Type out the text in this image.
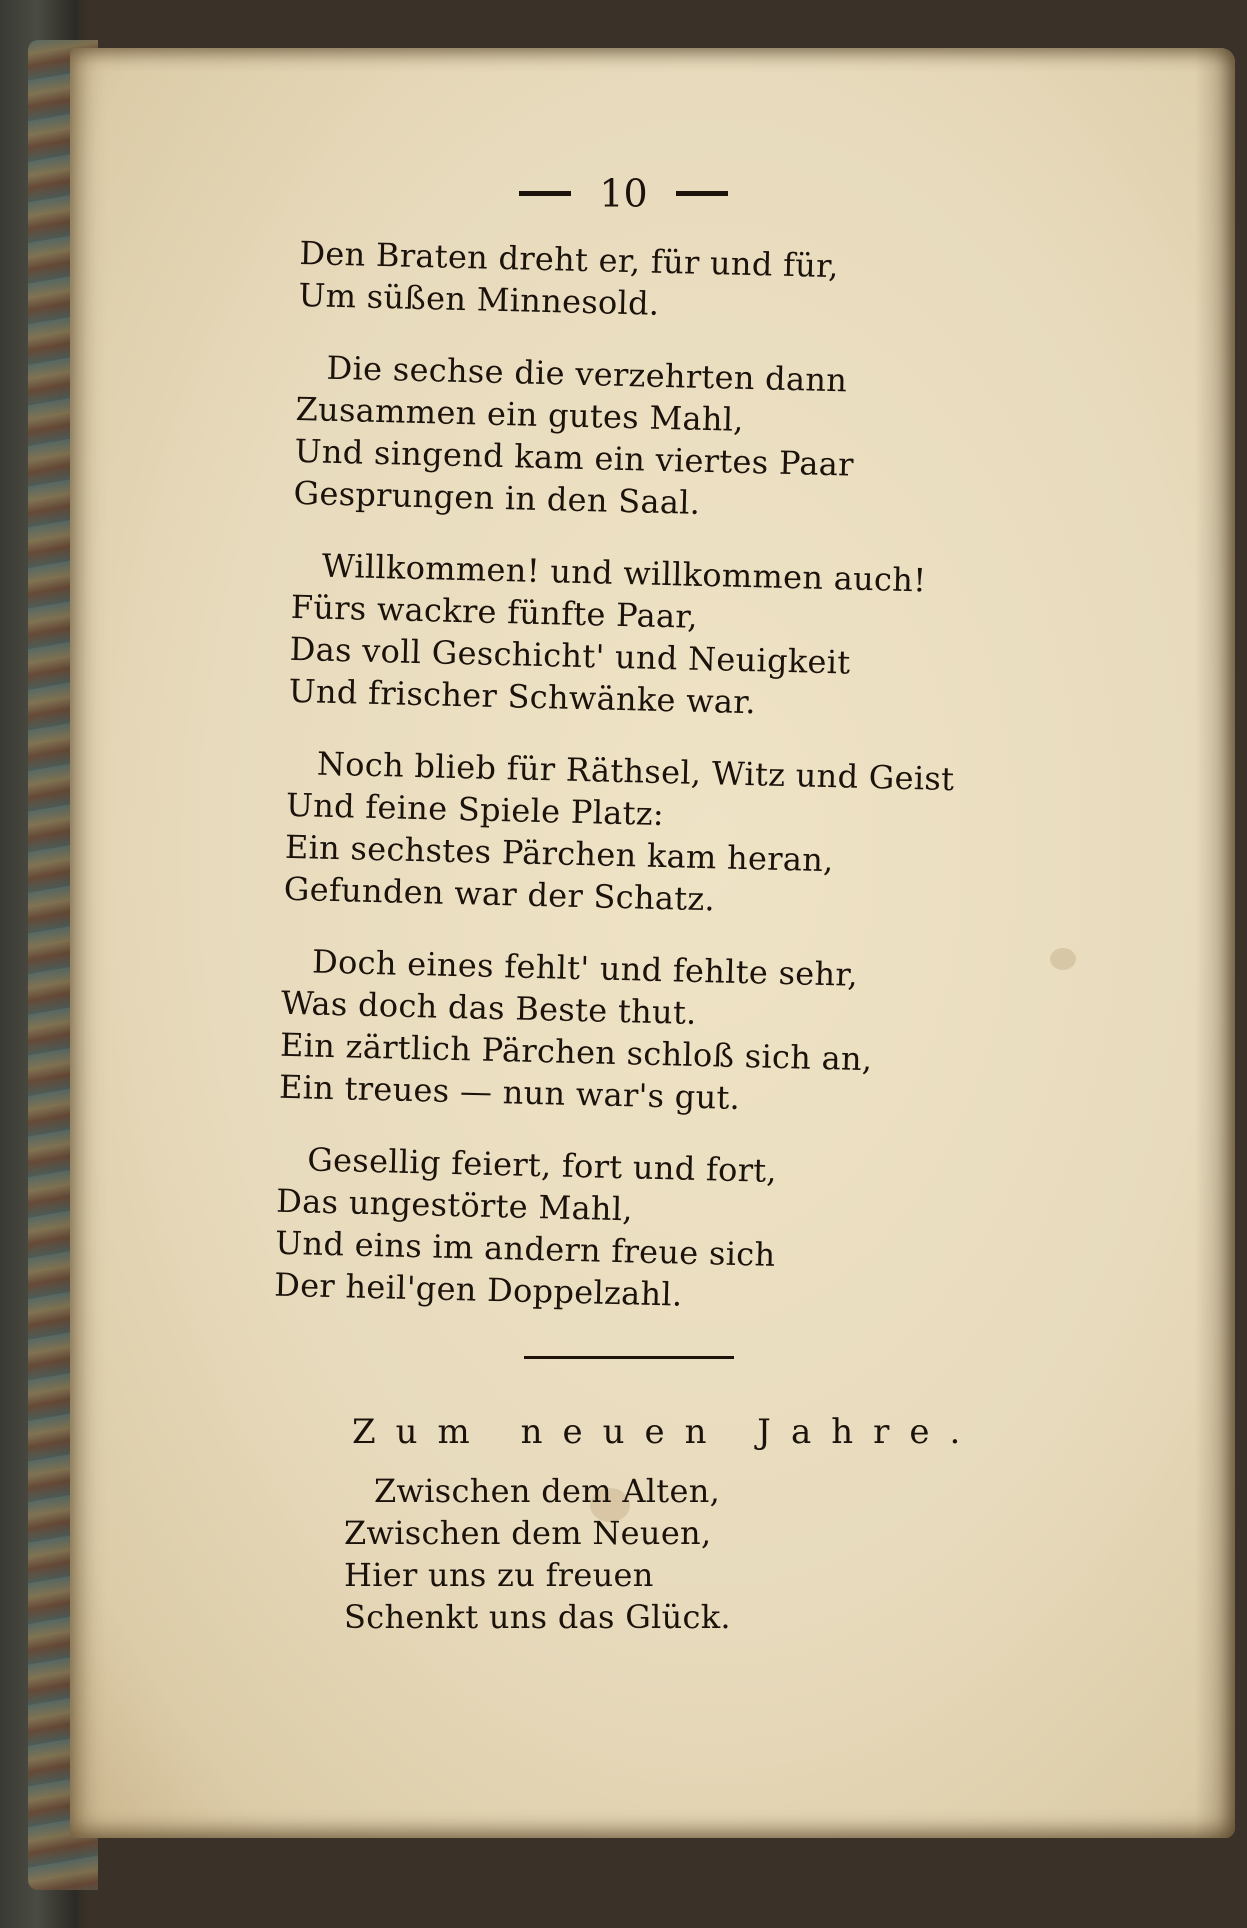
10
Den Braten dreht er, für und für,
Um süßen Minnesold.
Die sechse die verzehrten dann
Zusammen ein gutes Mahl,
Und singend kam ein viertes Paar
Gesprungen in den Saal.
Willkommen! und willkommen auch!
Fürs wackre fünfte Paar,
Das voll Geschicht' und Neuigkeit
Und frischer Schwänke war.
Noch blieb für Räthsel, Witz und Geist
Und feine Spiele Platz:
Ein sechstes Pärchen kam heran,
Gefunden war der Schatz.
Doch eines fehlt' und fehlte sehr,
Was doch das Beste thut.
Ein zärtlich Pärchen schloß sich an,
Ein treues — nun war's gut.
Gesellig feiert, fort und fort,
Das ungestörte Mahl,
Und eins im andern freue sich
Der heil'gen Doppelzahl.
Zum neuen Jahre.
Zwischen dem Alten,
Zwischen dem Neuen,
Hier uns zu freuen
Schenkt uns das Glück.
